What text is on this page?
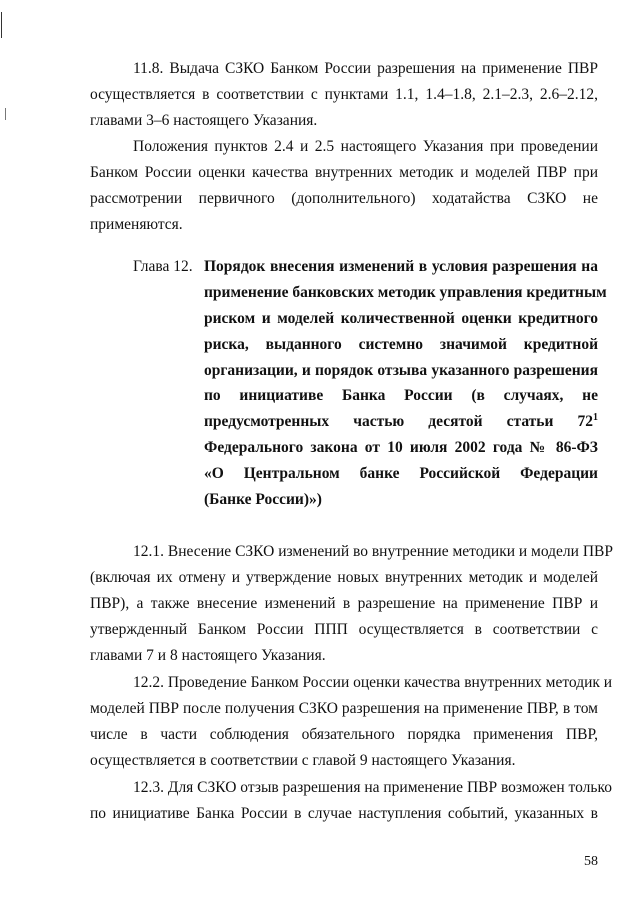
11.8. Выдача СЗКО Банком России разрешения на применение ПВР
осуществляется в соответствии с пунктами 1.1, 1.4–1.8, 2.1–2.3, 2.6–2.12,
главами 3–6 настоящего Указания.

Положения пунктов 2.4 и 2.5 настоящего Указания при проведении
Банком России оценки качества внутренних методик и моделей ПВР при
рассмотрении первичного (дополнительного) ходатайства СЗКО не
применяются.

Глава 12. Порядок внесения изменений в условия разрешения на
применение банковских методик управления кредитным
риском и моделей количественной оценки кредитного
риска, выданного системно значимой кредитной
организации, и порядок отзыва указанного разрешения
по инициативе Банка России (в случаях, не
предусмотренных частью десятой статьи $72^1$
Федерального закона от 10 июля 2002 года № 86-ФЗ
«О Центральном банке Российской Федерации
(Банке России)»)

12.1. Внесение СЗКО изменений во внутренние методики и модели ПВР
(включая их отмену и утверждение новых внутренних методик и моделей
ПВР), а также внесение изменений в разрешение на применение ПВР и
утвержденный Банком России ППП осуществляется в соответствии с
главами 7 и 8 настоящего Указания.

12.2. Проведение Банком России оценки качества внутренних методик и
моделей ПВР после получения СЗКО разрешения на применение ПВР, в том
числе в части соблюдения обязательного порядка применения ПВР,
осуществляется в соответствии с главой 9 настоящего Указания.

12.3. Для СЗКО отзыв разрешения на применение ПВР возможен только
по инициативе Банка России в случае наступления событий, указанных в

58
